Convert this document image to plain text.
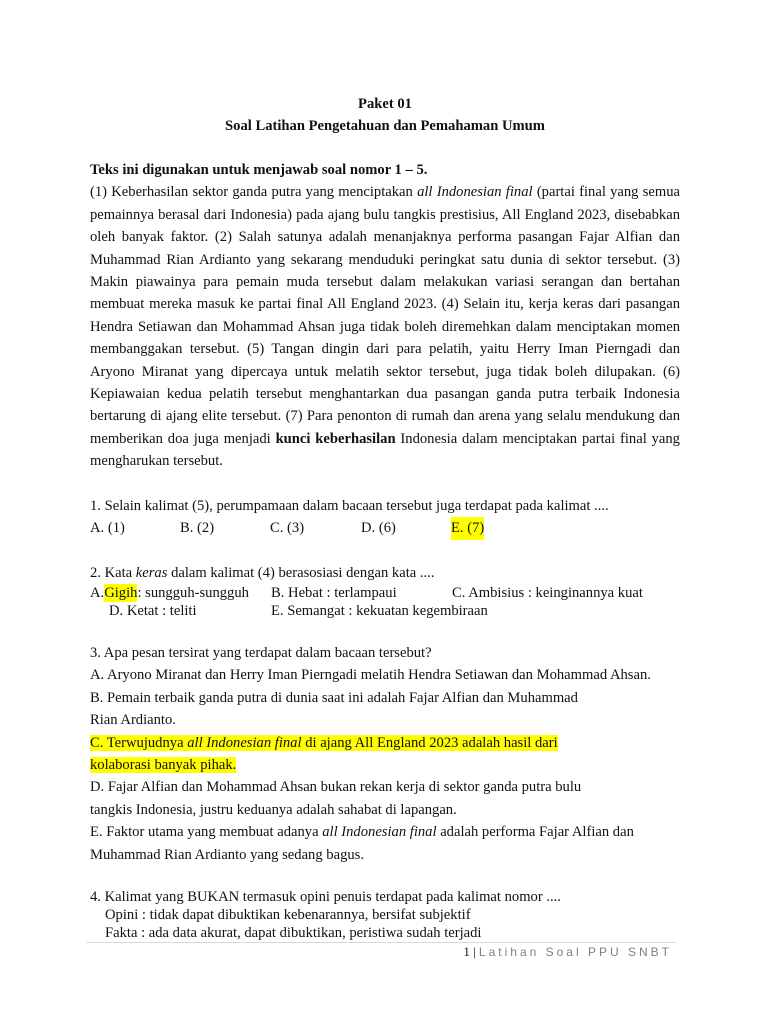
Paket 01
Soal Latihan Pengetahuan dan Pemahaman Umum
Teks ini digunakan untuk menjawab soal nomor 1 – 5.
(1) Keberhasilan sektor ganda putra yang menciptakan all Indonesian final (partai final yang semua pemainnya berasal dari Indonesia) pada ajang bulu tangkis prestisius, All England 2023, disebabkan oleh banyak faktor. (2) Salah satunya adalah menanjaknya performa pasangan Fajar Alfian dan Muhammad Rian Ardianto yang sekarang menduduki peringkat satu dunia di sektor tersebut. (3) Makin piawainya para pemain muda tersebut dalam melakukan variasi serangan dan bertahan membuat mereka masuk ke partai final All England 2023. (4) Selain itu, kerja keras dari pasangan Hendra Setiawan dan Mohammad Ahsan juga tidak boleh diremehkan dalam menciptakan momen membanggakan tersebut. (5) Tangan dingin dari para pelatih, yaitu Herry Iman Pierngadi dan Aryono Miranat yang dipercaya untuk melatih sektor tersebut, juga tidak boleh dilupakan. (6) Kepiawaian kedua pelatih tersebut menghantarkan dua pasangan ganda putra terbaik Indonesia bertarung di ajang elite tersebut. (7) Para penonton di rumah dan arena yang selalu mendukung dan memberikan doa juga menjadi kunci keberhasilan Indonesia dalam menciptakan partai final yang mengharukan tersebut.
1. Selain kalimat (5), perumpamaan dalam bacaan tersebut juga terdapat pada kalimat ....
A. (1)	B. (2)	C. (3)	D. (6)	E. (7)
2. Kata keras dalam kalimat (4) berasosiasi dengan kata ....
A.Gigih: sungguh-sungguh B. Hebat : terlampaui	C. Ambisius : keinginannya kuat
D. Ketat : teliti	E. Semangat : kekuatan kegembiraan
3. Apa pesan tersirat yang terdapat dalam bacaan tersebut?
A. Aryono Miranat dan Herry Iman Pierngadi melatih Hendra Setiawan dan Mohammad Ahsan.
B. Pemain terbaik ganda putra di dunia saat ini adalah Fajar Alfian dan Muhammad
Rian Ardianto.
C. Terwujudnya all Indonesian final di ajang All England 2023 adalah hasil dari
kolaborasi banyak pihak.
D. Fajar Alfian dan Mohammad Ahsan bukan rekan kerja di sektor ganda putra bulu
tangkis Indonesia, justru keduanya adalah sahabat di lapangan.
E. Faktor utama yang membuat adanya all Indonesian final adalah performa Fajar Alfian dan
Muhammad Rian Ardianto yang sedang bagus.
4. Kalimat yang BUKAN termasuk opini penuis terdapat pada kalimat nomor ....
Opini : tidak dapat dibuktikan kebenarannya, bersifat subjektif
Fakta : ada data akurat, dapat dibuktikan, peristiwa sudah terjadi
1 | Latihan Soal PPU SNBT
